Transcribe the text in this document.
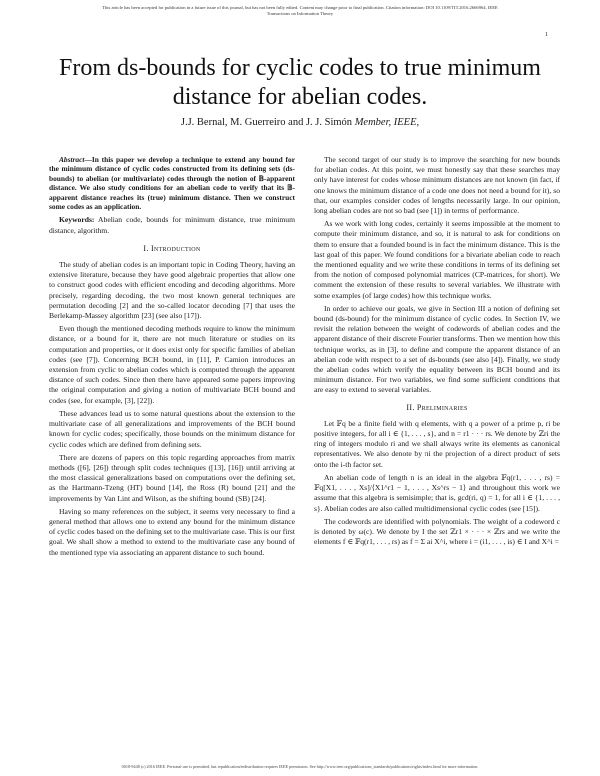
This article has been accepted for publication in a future issue of this journal, but has not been fully edited. Content may change prior to final publication. Citation information: DOI 10.1109/TIT.2016.2666964, IEEE
Transactions on Information Theory
1
From ds-bounds for cyclic codes to true minimum distance for abelian codes.
J.J. Bernal, M. Guerreiro and J. J. Simón Member, IEEE,

Abstract—In this paper we develop a technique to extend any bound for the minimum distance of cyclic codes constructed from its defining sets (ds-bounds) to abelian (or multivariate) codes through the notion of 𝔹-apparent distance. We also study conditions for an abelian code to verify that its 𝔹-apparent distance reaches its (true) minimum distance. Then we construct some codes as an application.

Keywords: Abelian code, bounds for minimum distance, true minimum distance, algorithm.

I. Introduction

The study of abelian codes is an important topic in Coding Theory, having an extensive literature, because they have good algebraic properties that allow one to construct good codes with efficient encoding and decoding algorithms. More precisely, regarding decoding, the two most known general techniques are permutation decoding [2] and the so-called locator decoding [7] that uses the Berlekamp-Massey algorithm [23] (see also [17]).

Even though the mentioned decoding methods require to know the minimum distance, or a bound for it, there are not much literature or studies on its computation and properties, or it does exist only for specific families of abelian codes (see [7]). Concerning BCH bound, in [11], P. Camion introduces an extension from cyclic to abelian codes which is computed through the apparent distance of such codes. Since then there have appeared some papers improving the original computation and giving a notion of multivariate BCH bound and codes (see, for example, [3], [22]).

These advances lead us to some natural questions about the extension to the multivariate case of all generalizations and improvements of the BCH bound known for cyclic codes; specifically, those bounds on the minimum distance for cyclic codes which are defined from defining sets.

There are dozens of papers on this topic regarding approaches from matrix methods ([6], [26]) through split codes techniques ([13], [16]) until arriving at the most classical generalizations based on computations over the defining set, as the Hartmann-Tzeng (HT) bound [14], the Ross (R) bound [21] and the improvements by Van Lint and Wilson, as the shifting bound (SB) [24].

Having so many references on the subject, it seems very necessary to find a general method that allows one to extend any bound for the minimum distance of cyclic codes based on the defining set to the multivariate case. This is our first goal. We shall show a method to extend to the multivariate case any bound of the mentioned type via associating an apparent distance to such bound.

The second target of our study is to improve the searching for new bounds for abelian codes. At this point, we must honestly say that these searches may only have interest for codes whose minimum distances are not known (in fact, if one knows the minimum distance of a code one does not need a bound for it), so that, our examples consider codes of lengths necessarily large. In our opinion, long abelian codes are not so bad (see [1]) in terms of performance.

As we work with long codes, certainly it seems impossible at the moment to compute their minimum distance, and so, it is natural to ask for conditions on them to ensure that a founded bound is in fact the minimum distance. This is the last goal of this paper. We found conditions for a bivariate abelian code to reach the mentioned equality and we write these conditions in terms of its defining set from the notion of composed polynomial matrices (CP-matrices, for short). We comment the extension of these results to several variables. We illustrate with some examples (of large codes) how this technique works.

In order to achieve our goals, we give in Section III a notion of defining set bound (ds-bound) for the minimum distance of cyclic codes. In Section IV, we revisit the relation between the weight of codewords of abelian codes and the apparent distance of their discrete Fourier transforms. Then we mention how this technique works, as in [3], to define and compute the apparent distance of an abelian code with respect to a set of ds-bounds (see also [4]). Finally, we study the abelian codes which verify the equality between its BCH bound and its minimum distance. For two variables, we find some sufficient conditions that are easy to extend to several variables.

II. Preliminaries

Let 𝔽q be a finite field with q elements, with q a power of a prime p, ri be positive integers, for all i ∈ {1, . . . , s}, and n = r1 · · · rs. We denote by ℤri the ring of integers modulo ri and we shall always write its elements as canonical representatives. We also denote by πi the projection of a direct product of sets onto the i-th factor set.

An abelian code of length n is an ideal in the algebra 𝔽q(r1, . . . , rs) = 𝔽q[X1, . . . , Xs]/⟨X1^r1 − 1, . . . , Xs^rs − 1⟩ and throughout this work we assume that this algebra is semisimple; that is, gcd(ri, q) = 1, for all i ∈ {1, . . . , s}. Abelian codes are also called multidimensional cyclic codes (see [15]).

The codewords are identified with polynomials. The weight of a codeword c is denoted by ω(c). We denote by I the set ℤr1 × · · · × ℤrs and we write the elements f ∈ 𝔽q(r1, . . . , rs) as f = Σ ai X^i, where i = (i1, . . . , is) ∈ I and X^i =

0018-9448 (c) 2016 IEEE. Personal use is permitted, but republication/redistribution requires IEEE permission. See http://www.ieee.org/publications_standards/publications/rights/index.html for more information.
